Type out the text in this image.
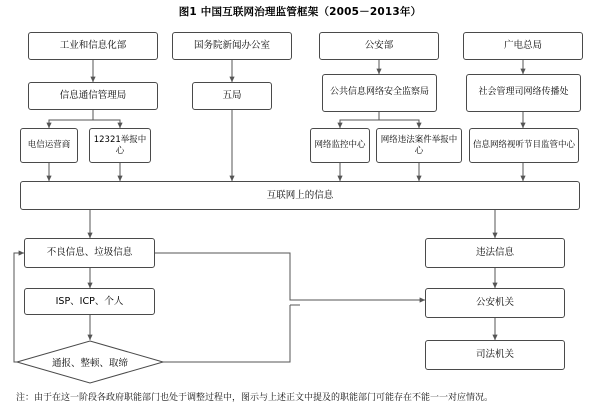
图1 中国互联网治理监管框架（2005－2013年）
工业和信息化部	国务院新闻办公室	公安部	广电总局
信息通信管理局	五局	公共信息网络安全监察局	社会管理司网络传播处
电信运营商
12321举报中心
网络监控中心
网络违法案件举报中心
信息网络视听节目监管中心
互联网上的信息
不良信息、垃圾信息	违法信息
ISP、ICP、个人	公安机关
通报、整顿、取缔
司法机关
注：由于在这一阶段各政府职能部门也处于调整过程中，图示与上述正文中提及的职能部门可能存在不能一一对应情况。
